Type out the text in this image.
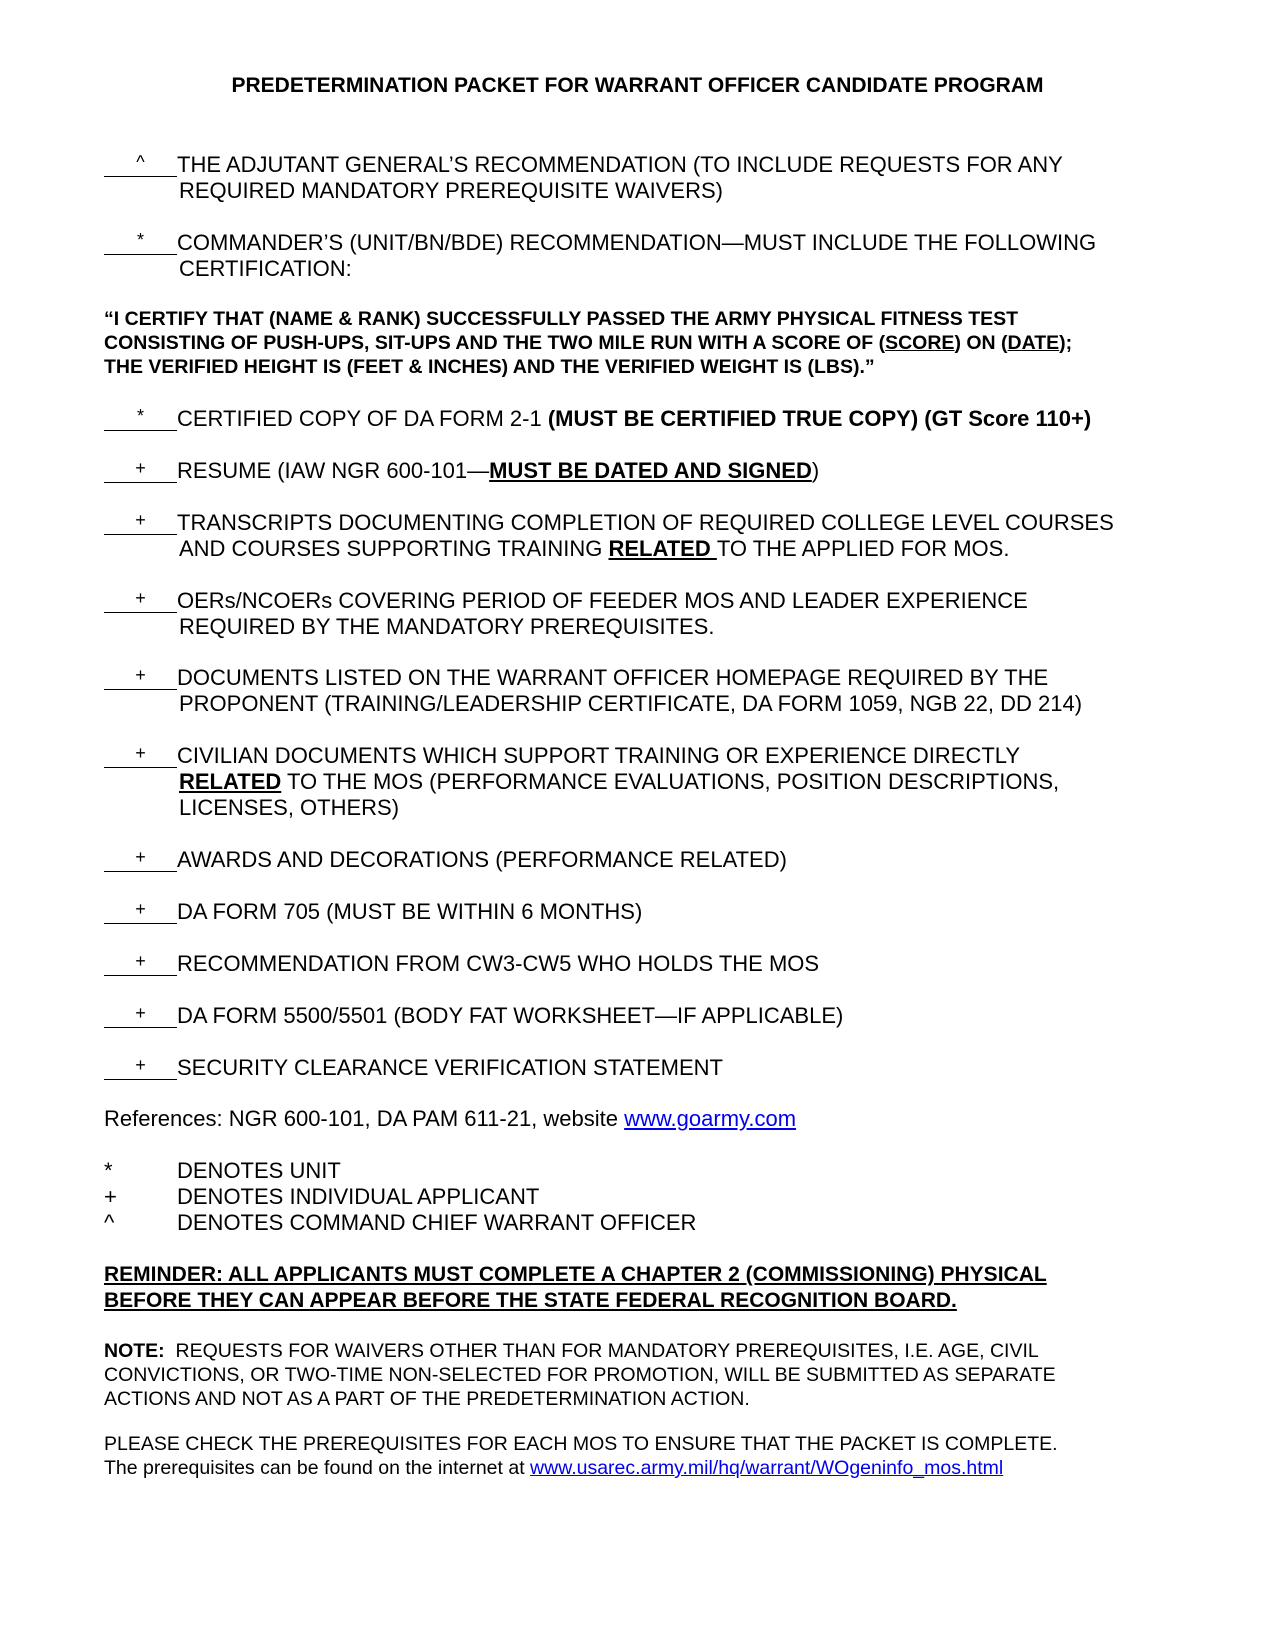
PREDETERMINATION PACKET FOR WARRANT OFFICER CANDIDATE PROGRAM
^	THE ADJUTANT GENERAL’S RECOMMENDATION (TO INCLUDE REQUESTS FOR ANY
REQUIRED MANDATORY PREREQUISITE WAIVERS)
*	COMMANDER’S (UNIT/BN/BDE) RECOMMENDATION—MUST INCLUDE THE FOLLOWING
CERTIFICATION:
*	CERTIFIED COPY OF DA FORM 2-1 (MUST BE CERTIFIED TRUE COPY) (GT Score 110+)
+	RESUME (IAW NGR 600-101—MUST BE DATED AND SIGNED)
+	TRANSCRIPTS DOCUMENTING COMPLETION OF REQUIRED COLLEGE LEVEL COURSES
AND COURSES SUPPORTING TRAINING RELATED TO THE APPLIED FOR MOS.
+	OERs/NCOERs COVERING PERIOD OF FEEDER MOS AND LEADER EXPERIENCE
REQUIRED BY THE MANDATORY PREREQUISITES.
+	DOCUMENTS LISTED ON THE WARRANT OFFICER HOMEPAGE REQUIRED BY THE
PROPONENT (TRAINING/LEADERSHIP CERTIFICATE, DA FORM 1059, NGB 22, DD 214)
+	CIVILIAN DOCUMENTS WHICH SUPPORT TRAINING OR EXPERIENCE DIRECTLY
RELATED TO THE MOS (PERFORMANCE EVALUATIONS, POSITION DESCRIPTIONS,
LICENSES, OTHERS)
+	AWARDS AND DECORATIONS (PERFORMANCE RELATED)
+	DA FORM 705 (MUST BE WITHIN 6 MONTHS)
+	RECOMMENDATION FROM CW3-CW5 WHO HOLDS THE MOS
+	DA FORM 5500/5501 (BODY FAT WORKSHEET—IF APPLICABLE)
+	SECURITY CLEARANCE VERIFICATION STATEMENT
“I CERTIFY THAT (NAME & RANK) SUCCESSFULLY PASSED THE ARMY PHYSICAL FITNESS TEST
CONSISTING OF PUSH-UPS, SIT-UPS AND THE TWO MILE RUN WITH A SCORE OF (SCORE) ON (DATE);
THE VERIFIED HEIGHT IS (FEET & INCHES) AND THE VERIFIED WEIGHT IS (LBS).”
References: NGR 600-101, DA PAM 611-21, website www.goarmy.com
*	DENOTES UNIT
+	DENOTES INDIVIDUAL APPLICANT
^	DENOTES COMMAND CHIEF WARRANT OFFICER
REMINDER: ALL APPLICANTS MUST COMPLETE A CHAPTER 2 (COMMISSIONING) PHYSICAL
BEFORE THEY CAN APPEAR BEFORE THE STATE FEDERAL RECOGNITION BOARD.
NOTE:  REQUESTS FOR WAIVERS OTHER THAN FOR MANDATORY PREREQUISITES, I.E. AGE, CIVIL
CONVICTIONS, OR TWO-TIME NON-SELECTED FOR PROMOTION, WILL BE SUBMITTED AS SEPARATE
ACTIONS AND NOT AS A PART OF THE PREDETERMINATION ACTION.
PLEASE CHECK THE PREREQUISITES FOR EACH MOS TO ENSURE THAT THE PACKET IS COMPLETE.
The prerequisites can be found on the internet at www.usarec.army.mil/hq/warrant/WOgeninfo_mos.html
